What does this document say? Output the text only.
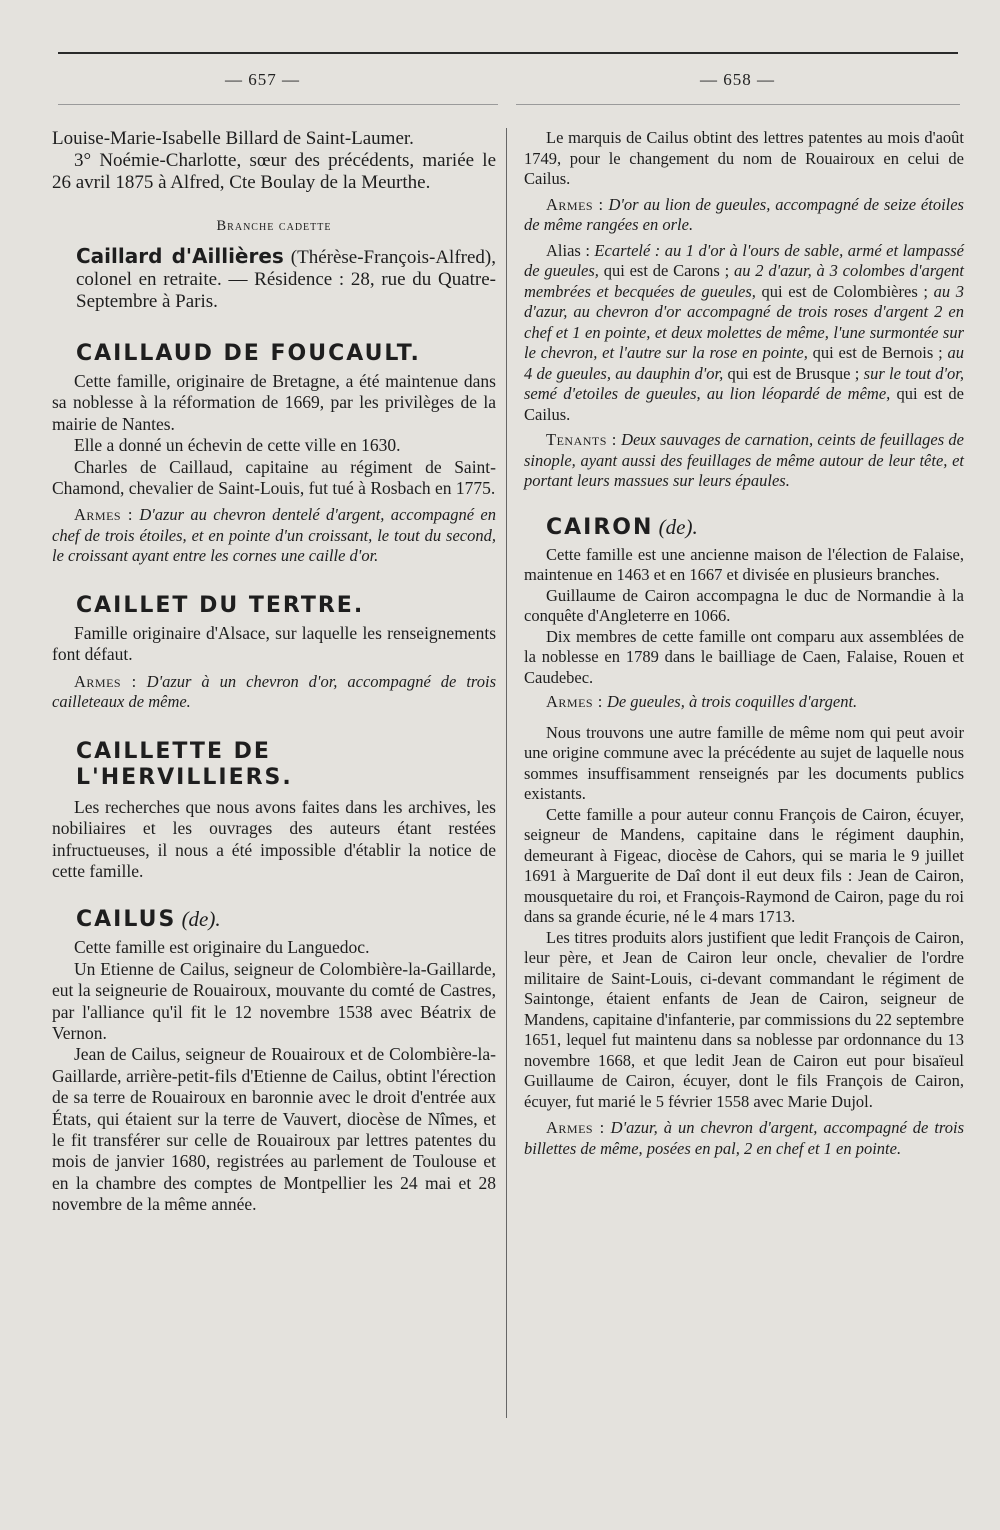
— 657 —	— 658 —

Louise-Marie-Isabelle Billard de Saint-Laumer.

3° Noémie-Charlotte, sœur des précédents, mariée le 26 avril 1875 à Alfred, Cte Boulay de la Meurthe.

Branche cadette

Caillard d'Aillières (Thérèse-François-Alfred), colonel en retraite. — Résidence : 28, rue du Quatre-Septembre à Paris.

CAILLAUD DE FOUCAULT.

Cette famille, originaire de Bretagne, a été maintenue dans sa noblesse à la réformation de 1669, par les privilèges de la mairie de Nantes.

Elle a donné un échevin de cette ville en 1630.

Charles de Caillaud, capitaine au régiment de Saint-Chamond, chevalier de Saint-Louis, fut tué à Rosbach en 1775.

Armes : D'azur au chevron dentelé d'argent, accompagné en chef de trois étoiles, et en pointe d'un croissant, le tout du second, le croissant ayant entre les cornes une caille d'or.

CAILLET DU TERTRE.

Famille originaire d'Alsace, sur laquelle les renseignements font défaut.

Armes : D'azur à un chevron d'or, accompagné de trois cailleteaux de même.

CAILLETTE DE L'HERVILLIERS.

Les recherches que nous avons faites dans les archives, les nobiliaires et les ouvrages des auteurs étant restées infructueuses, il nous a été impossible d'établir la notice de cette famille.

CAILUS (de).

Cette famille est originaire du Languedoc.

Un Etienne de Cailus, seigneur de Colombière-la-Gaillarde, eut la seigneurie de Rouairoux, mouvante du comté de Castres, par l'alliance qu'il fit le 12 novembre 1538 avec Béatrix de Vernon.

Jean de Cailus, seigneur de Rouairoux et de Colombière-la-Gaillarde, arrière-petit-fils d'Etienne de Cailus, obtint l'érection de sa terre de Rouairoux en baronnie avec le droit d'entrée aux États, qui étaient sur la terre de Vauvert, diocèse de Nîmes, et le fit transférer sur celle de Rouairoux par lettres patentes du mois de janvier 1680, registrées au parlement de Toulouse et en la chambre des comptes de Montpellier les 24 mai et 28 novembre de la même année.

Le marquis de Cailus obtint des lettres patentes au mois d'août 1749, pour le changement du nom de Rouairoux en celui de Cailus.

Armes : D'or au lion de gueules, accompagné de seize étoiles de même rangées en orle.

Alias : Ecartelé : au 1 d'or à l'ours de sable, armé et lampassé de gueules, qui est de Carons ; au 2 d'azur, à 3 colombes d'argent membrées et becquées de gueules, qui est de Colombières ; au 3 d'azur, au chevron d'or accompagné de trois roses d'argent 2 en chef et 1 en pointe, et deux molettes de même, l'une surmontée sur le chevron, et l'autre sur la rose en pointe, qui est de Bernois ; au 4 de gueules, au dauphin d'or, qui est de Brusque ; sur le tout d'or, semé d'etoiles de gueules, au lion léopardé de même, qui est de Cailus.

Tenants : Deux sauvages de carnation, ceints de feuillages de sinople, ayant aussi des feuillages de même autour de leur tête, et portant leurs massues sur leurs épaules.

CAIRON (de).

Cette famille est une ancienne maison de l'élection de Falaise, maintenue en 1463 et en 1667 et divisée en plusieurs branches.

Guillaume de Cairon accompagna le duc de Normandie à la conquête d'Angleterre en 1066.

Dix membres de cette famille ont comparu aux assemblées de la noblesse en 1789 dans le bailliage de Caen, Falaise, Rouen et Caudebec.

Armes : De gueules, à trois coquilles d'argent.

Nous trouvons une autre famille de même nom qui peut avoir une origine commune avec la précédente au sujet de laquelle nous sommes insuffisamment renseignés par les documents publics existants.

Cette famille a pour auteur connu François de Cairon, écuyer, seigneur de Mandens, capitaine dans le régiment dauphin, demeurant à Figeac, diocèse de Cahors, qui se maria le 9 juillet 1691 à Marguerite de Daî dont il eut deux fils : Jean de Cairon, mousquetaire du roi, et François-Raymond de Cairon, page du roi dans sa grande écurie, né le 4 mars 1713.

Les titres produits alors justifient que ledit François de Cairon, leur père, et Jean de Cairon leur oncle, chevalier de l'ordre militaire de Saint-Louis, ci-devant commandant le régiment de Saintonge, étaient enfants de Jean de Cairon, seigneur de Mandens, capitaine d'infanterie, par commissions du 22 septembre 1651, lequel fut maintenu dans sa noblesse par ordonnance du 13 novembre 1668, et que ledit Jean de Cairon eut pour bisaïeul Guillaume de Cairon, écuyer, dont le fils François de Cairon, écuyer, fut marié le 5 février 1558 avec Marie Dujol.

Armes : D'azur, à un chevron d'argent, accompagné de trois billettes de même, posées en pal, 2 en chef et 1 en pointe.
